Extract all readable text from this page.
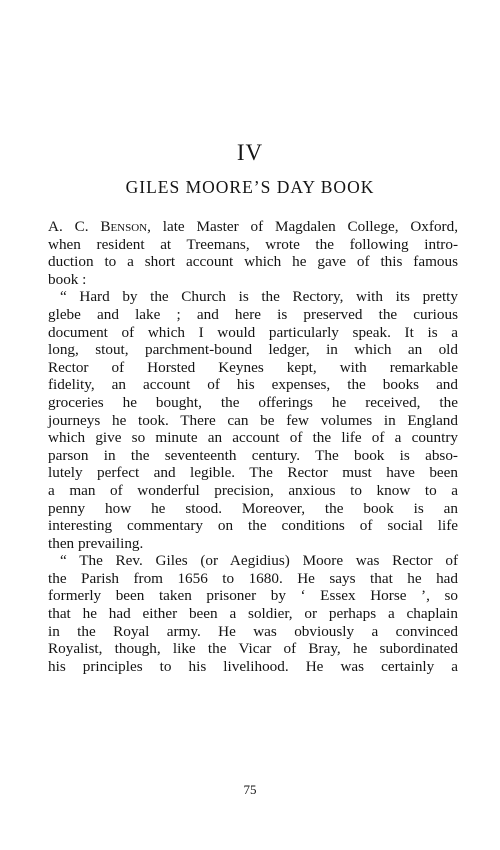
IV
GILES MOORE’S DAY BOOK
A. C. Benson, late Master of Magdalen College, Oxford,
when resident at Treemans, wrote the following intro-
duction to a short account which he gave of this famous
book :
“ Hard by the Church is the Rectory, with its pretty
glebe and lake ; and here is preserved the curious
document of which I would particularly speak. It is a
long, stout, parchment-bound ledger, in which an old
Rector of Horsted Keynes kept, with remarkable
fidelity, an account of his expenses, the books and
groceries he bought, the offerings he received, the
journeys he took. There can be few volumes in England
which give so minute an account of the life of a country
parson in the seventeenth century. The book is abso-
lutely perfect and legible. The Rector must have been
a man of wonderful precision, anxious to know to a
penny how he stood. Moreover, the book is an
interesting commentary on the conditions of social life
then prevailing.
“ The Rev. Giles (or Aegidius) Moore was Rector of
the Parish from 1656 to 1680. He says that he had
formerly been taken prisoner by ‘ Essex Horse ’, so
that he had either been a soldier, or perhaps a chaplain
in the Royal army. He was obviously a convinced
Royalist, though, like the Vicar of Bray, he subordinated
his principles to his livelihood. He was certainly a
75
